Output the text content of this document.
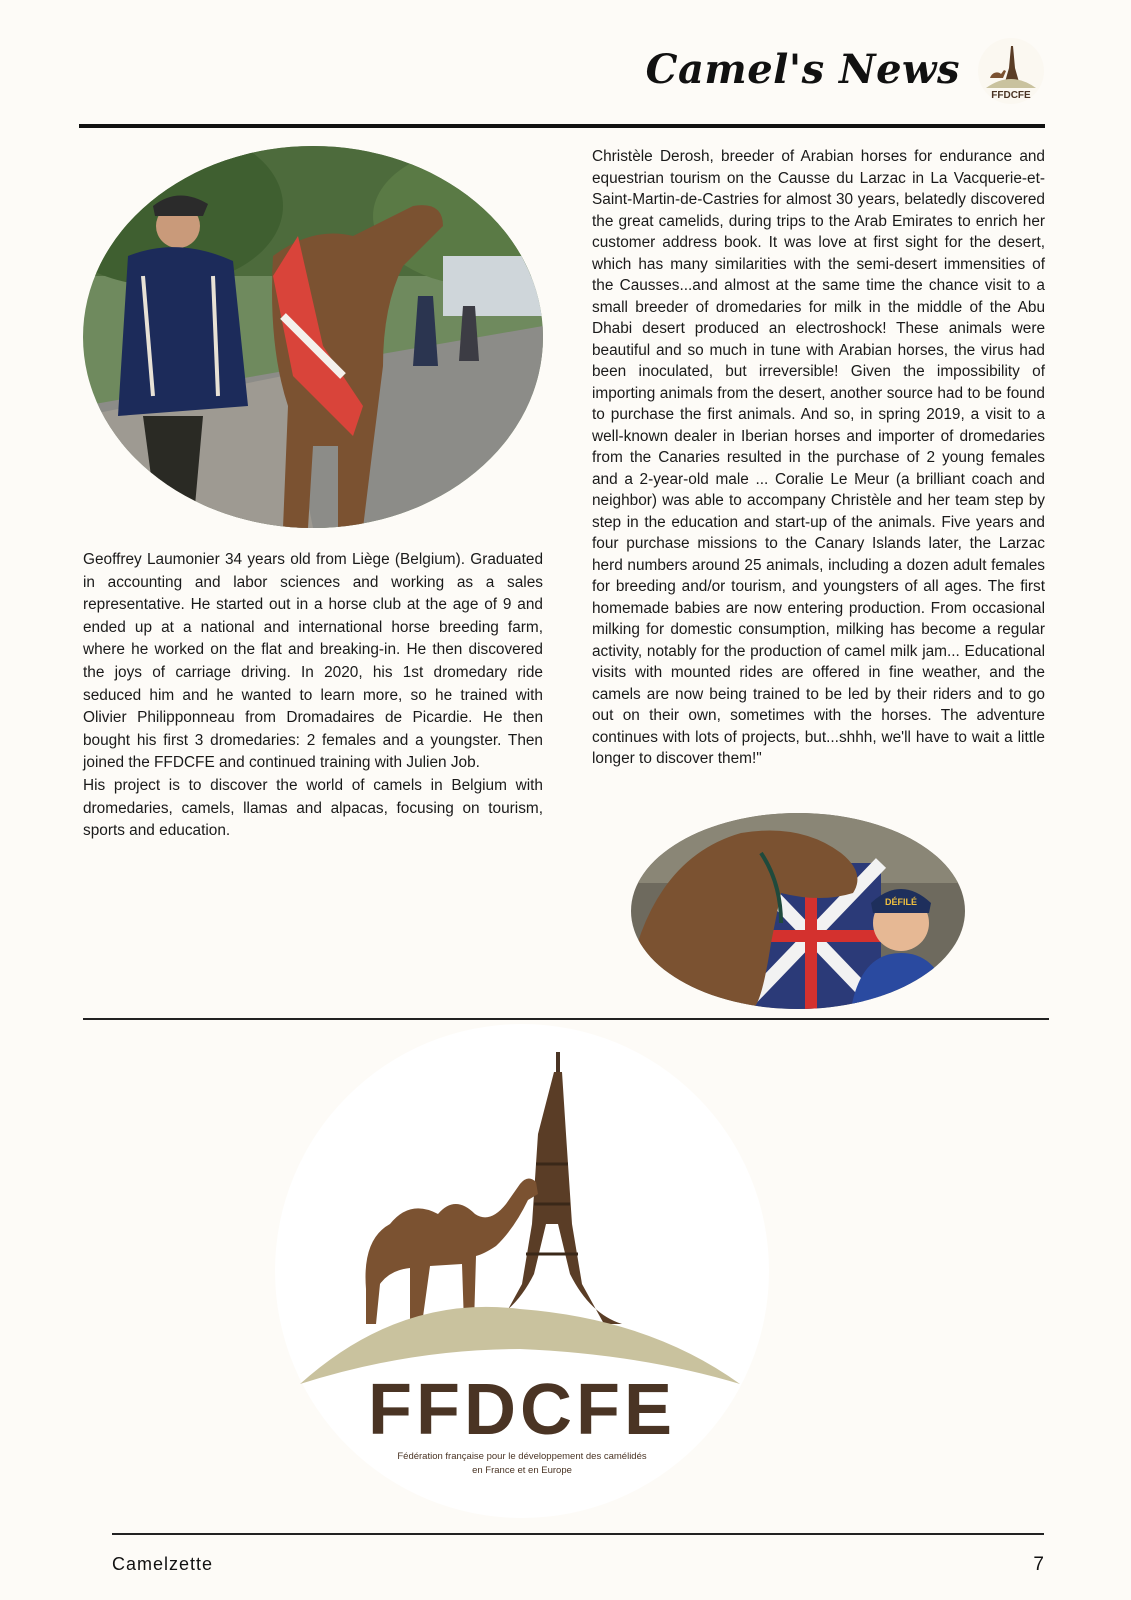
Camel's News
FFDCFE

Geoffrey Laumonier 34 years old from Liège (Belgium). Graduated in accounting and labor sciences and working as a sales representative. He started out in a horse club at the age of 9 and ended up at a national and international horse breeding farm, where he worked on the flat and breaking-in. He then discovered the joys of carriage driving. In 2020, his 1st dromedary ride seduced him and he wanted to learn more, so he trained with Olivier Philipponneau from Dromadaires de Picardie. He then bought his first 3 dromedaries: 2 females and a youngster. Then joined the FFDCFE and continued training with Julien Job.

His project is to discover the world of camels in Belgium with dromedaries, camels, llamas and alpacas, focusing on tourism, sports and education.

Christèle Derosh, breeder of Arabian horses for endurance and equestrian tourism on the Causse du Larzac in La Vacquerie-et-Saint-Martin-de-Castries for almost 30 years, belatedly discovered the great camelids, during trips to the Arab Emirates to enrich her customer address book. It was love at first sight for the desert, which has many similarities with the semi-desert immensities of the Causses...and almost at the same time the chance visit to a small breeder of dromedaries for milk in the middle of the Abu Dhabi desert produced an electroshock! These animals were beautiful and so much in tune with Arabian horses, the virus had been inoculated, but irreversible! Given the impossibility of importing animals from the desert, another source had to be found to purchase the first animals. And so, in spring 2019, a visit to a well-known dealer in Iberian horses and importer of dromedaries from the Canaries resulted in the purchase of 2 young females and a 2-year-old male ... Coralie Le Meur (a brilliant coach and neighbor) was able to accompany Christèle and her team step by step in the education and start-up of the animals. Five years and four purchase missions to the Canary Islands later, the Larzac herd numbers around 25 animals, including a dozen adult females for breeding and/or tourism, and youngsters of all ages. The first homemade babies are now entering production. From occasional milking for domestic consumption, milking has become a regular activity, notably for the production of camel milk jam... Educational visits with mounted rides are offered in fine weather, and the camels are now being trained to be led by their riders and to go out on their own, sometimes with the horses. The adventure continues with lots of projects, but...shhh, we'll have to wait a little longer to discover them!"

DÉFILÉ
FFDCFE
Fédération française pour le développement des camélidés
en France et en Europe
Camelzette	7
